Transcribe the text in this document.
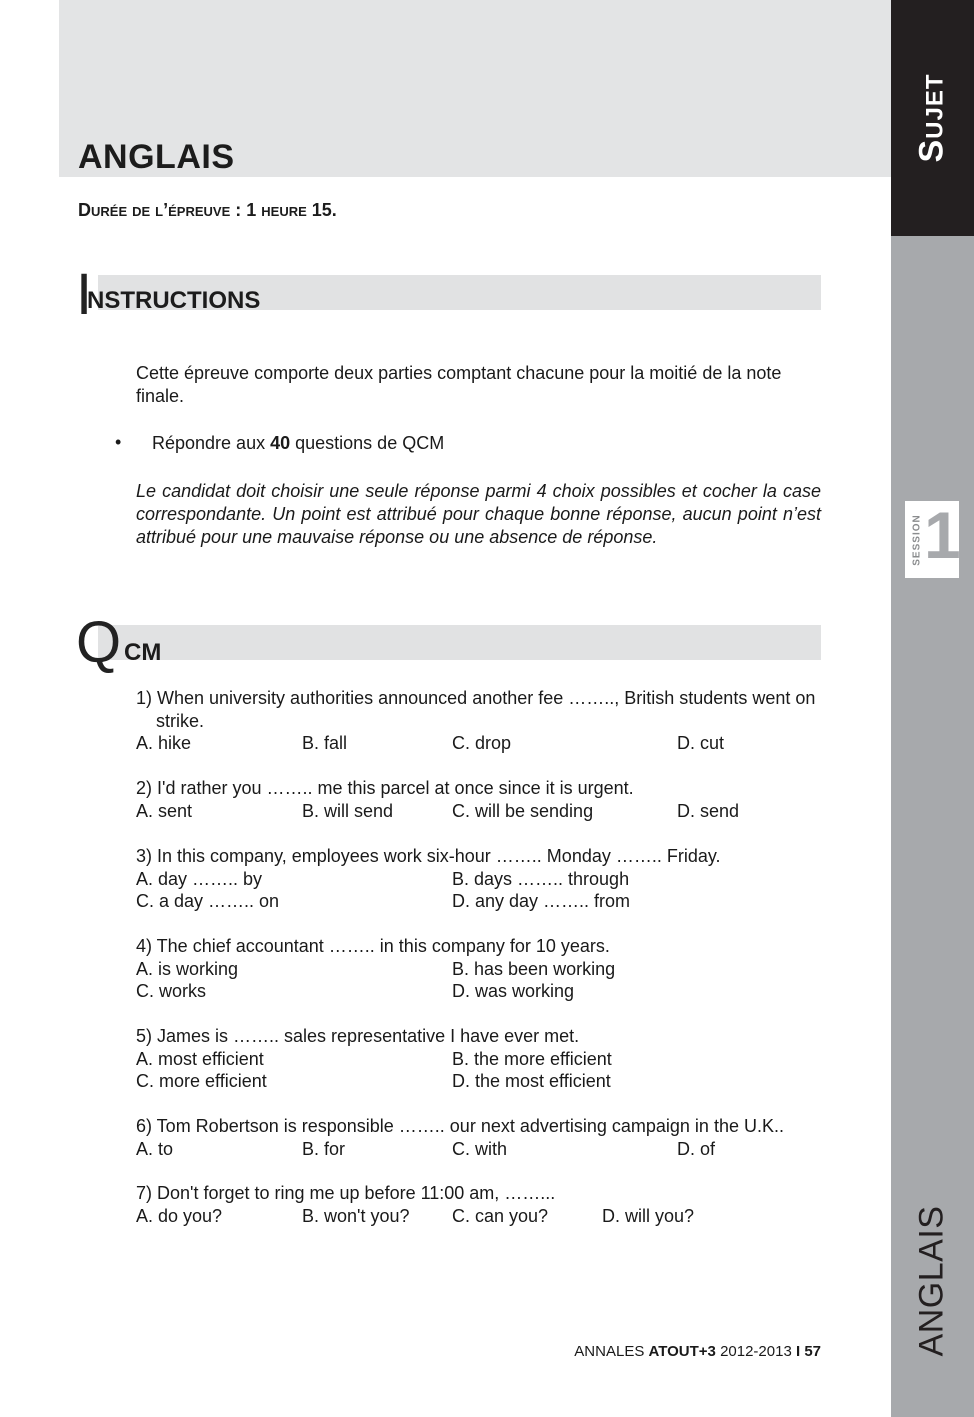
ANGLAIS
Durée de l’épreuve : 1 heure 15.
I
NSTRUCTIONS

Cette épreuve comporte deux parties comptant chacune pour la moitié de la note finale.

• Répondre aux 40 questions de QCM

Le candidat doit choisir une seule réponse parmi 4 choix possibles et cocher la case correspondante. Un point est attribué pour chaque bonne réponse, aucun point n’est attribué pour une mauvaise réponse ou une absence de réponse.

Q CM
1) When university authorities announced another fee …….., British students went on strike.
A. hike	B. fall	C. drop	D. cut
2) I'd rather you …….. me this parcel at once since it is urgent.
A. sent	B. will send	C. will be sending	D. send
3) In this company, employees work six-hour …….. Monday …….. Friday.
A. day …….. by	B. days …….. through
C. a day …….. on	D. any day …….. from
4) The chief accountant …….. in this company for 10 years.
A. is working	B. has been working
C. works	D. was working
5) James is …….. sales representative I have ever met.
A. most efficient	B. the more efficient
C. more efficient	D. the most efficient
6) Tom Robertson is responsible …….. our next advertising campaign in the U.K..
A. to	B. for	C. with	D. of
7) Don't forget to ring me up before 11:00 am, ……...
A. do you?	B. won't you? C. can you?	D. will you?
ANNALES ATOUT+3 2012-2013 I 57
Sujet
SESSION 1
ANGLAIS
